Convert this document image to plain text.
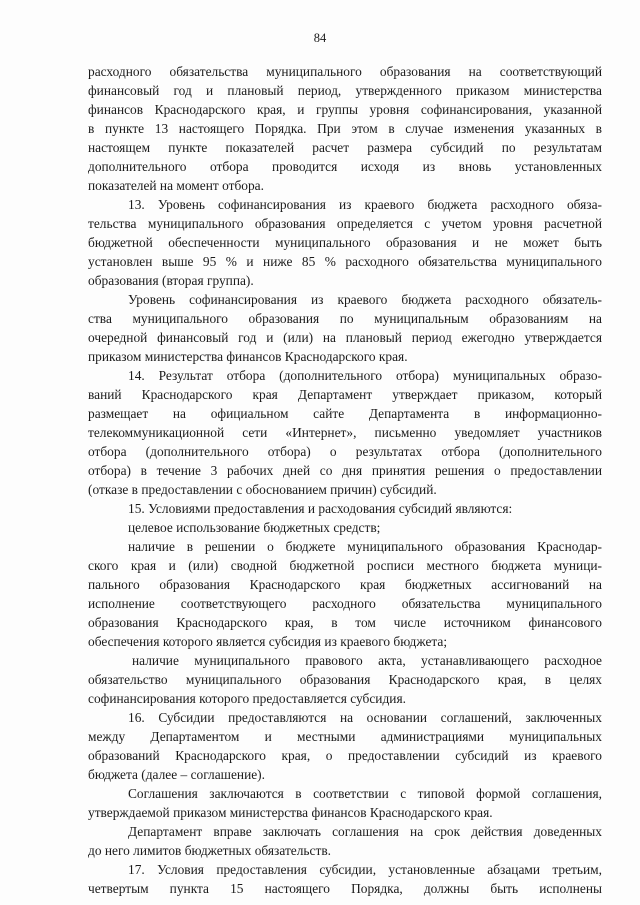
84
расходного обязательства муниципального образования на соответствующий
финансовый год и плановый период, утвержденного приказом министерства
финансов Краснодарского края, и группы уровня софинансирования, указанной
в пункте 13 настоящего Порядка. При этом в случае изменения указанных в
настоящем пункте показателей расчет размера субсидий по результатам
дополнительного отбора проводится исходя из вновь установленных
показателей на момент отбора.
13. Уровень софинансирования из краевого бюджета расходного обяза-
тельства муниципального образования определяется с учетом уровня расчетной
бюджетной обеспеченности муниципального образования и не может быть
установлен выше 95 % и ниже 85 % расходного обязательства муниципального
образования (вторая группа).
Уровень софинансирования из краевого бюджета расходного обязатель-
ства муниципального образования по муниципальным образованиям на
очередной финансовый год и (или) на плановый период ежегодно утверждается
приказом министерства финансов Краснодарского края.
14. Результат отбора (дополнительного отбора) муниципальных образо-
ваний Краснодарского края Департамент утверждает приказом, который
размещает на официальном сайте Департамента в информационно-
телекоммуникационной сети «Интернет», письменно уведомляет участников
отбора (дополнительного отбора) о результатах отбора (дополнительного
отбора) в течение 3 рабочих дней со дня принятия решения о предоставлении
(отказе в предоставлении с обоснованием причин) субсидий.
15. Условиями предоставления и расходования субсидий являются:
целевое использование бюджетных средств;
наличие в решении о бюджете муниципального образования Краснодар-
ского края и (или) сводной бюджетной росписи местного бюджета муници-
пального образования Краснодарского края бюджетных ассигнований на
исполнение соответствующего расходного обязательства муниципального
образования Краснодарского края, в том числе источником финансового
обеспечения которого является субсидия из краевого бюджета;
наличие муниципального правового акта, устанавливающего расходное
обязательство муниципального образования Краснодарского края, в целях
софинансирования которого предоставляется субсидия.
16. Субсидии предоставляются на основании соглашений, заключенных
между Департаментом и местными администрациями муниципальных
образований Краснодарского края, о предоставлении субсидий из краевого
бюджета (далее – соглашение).
Соглашения заключаются в соответствии с типовой формой соглашения,
утверждаемой приказом министерства финансов Краснодарского края.
Департамент вправе заключать соглашения на срок действия доведенных
до него лимитов бюджетных обязательств.
17. Условия предоставления субсидии, установленные абзацами третьим,
четвертым пункта 15 настоящего Порядка, должны быть исполнены
